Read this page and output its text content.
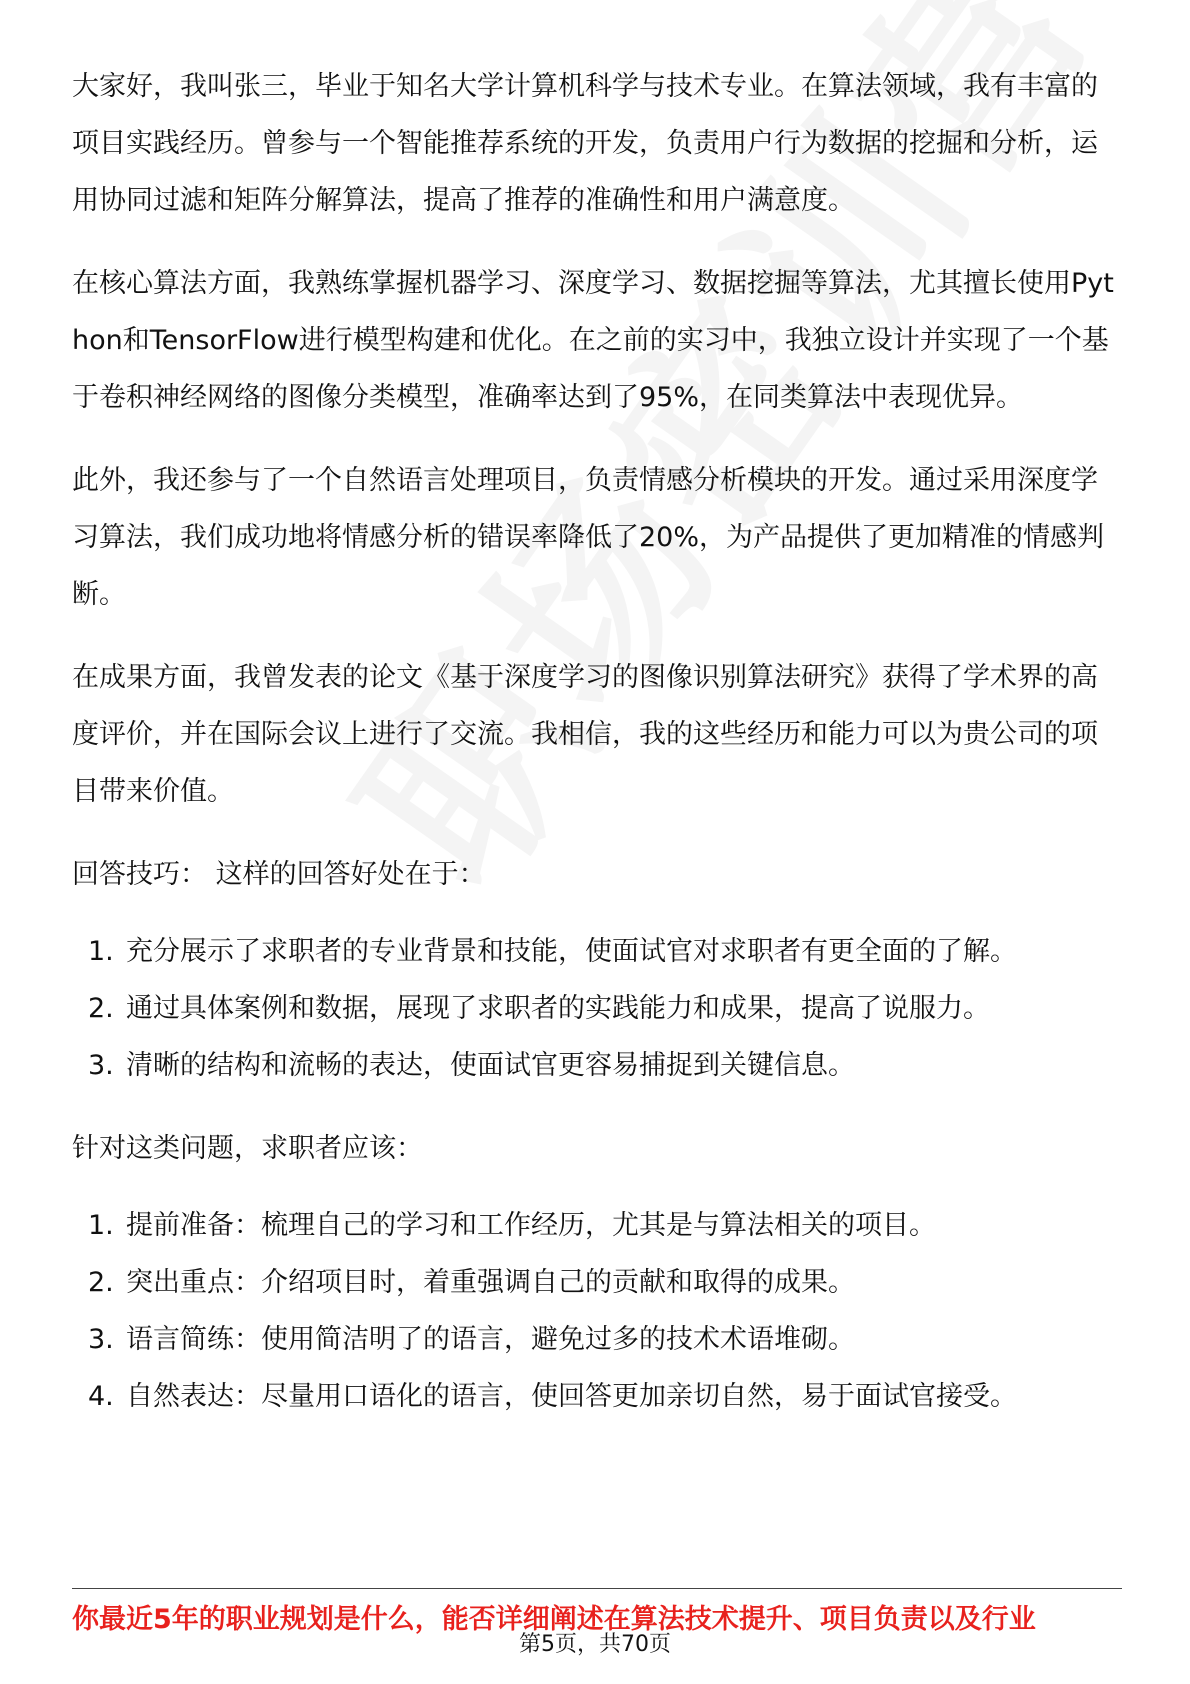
大家好，我叫张三，毕业于知名大学计算机科学与技术专业。在算法领域，我有丰富的项目实践经历。曾参与一个智能推荐系统的开发，负责用户行为数据的挖掘和分析，运用协同过滤和矩阵分解算法，提高了推荐的准确性和用户满意度。

在核心算法方面，我熟练掌握机器学习、深度学习、数据挖掘等算法，尤其擅长使用Python和TensorFlow进行模型构建和优化。在之前的实习中，我独立设计并实现了一个基于卷积神经网络的图像分类模型，准确率达到了95%，在同类算法中表现优异。

此外，我还参与了一个自然语言处理项目，负责情感分析模块的开发。通过采用深度学习算法，我们成功地将情感分析的错误率降低了20%，为产品提供了更加精准的情感判断。

在成果方面，我曾发表的论文《基于深度学习的图像识别算法研究》获得了学术界的高度评价，并在国际会议上进行了交流。我相信，我的这些经历和能力可以为贵公司的项目带来价值。

回答技巧： 这样的回答好处在于：

1. 充分展示了求职者的专业背景和技能，使面试官对求职者有更全面的了解。
2. 通过具体案例和数据，展现了求职者的实践能力和成果，提高了说服力。
3. 清晰的结构和流畅的表达，使面试官更容易捕捉到关键信息。

针对这类问题，求职者应该：

1. 提前准备：梳理自己的学习和工作经历，尤其是与算法相关的项目。
2. 突出重点：介绍项目时，着重强调自己的贡献和取得的成果。
3. 语言简练：使用简洁明了的语言，避免过多的技术术语堆砌。
4. 自然表达：尽量用口语化的语言，使回答更加亲切自然，易于面试官接受。
你最近5年的职业规划是什么，能否详细阐述在算法技术提升、项目负责以及行业
第5页，共70页
